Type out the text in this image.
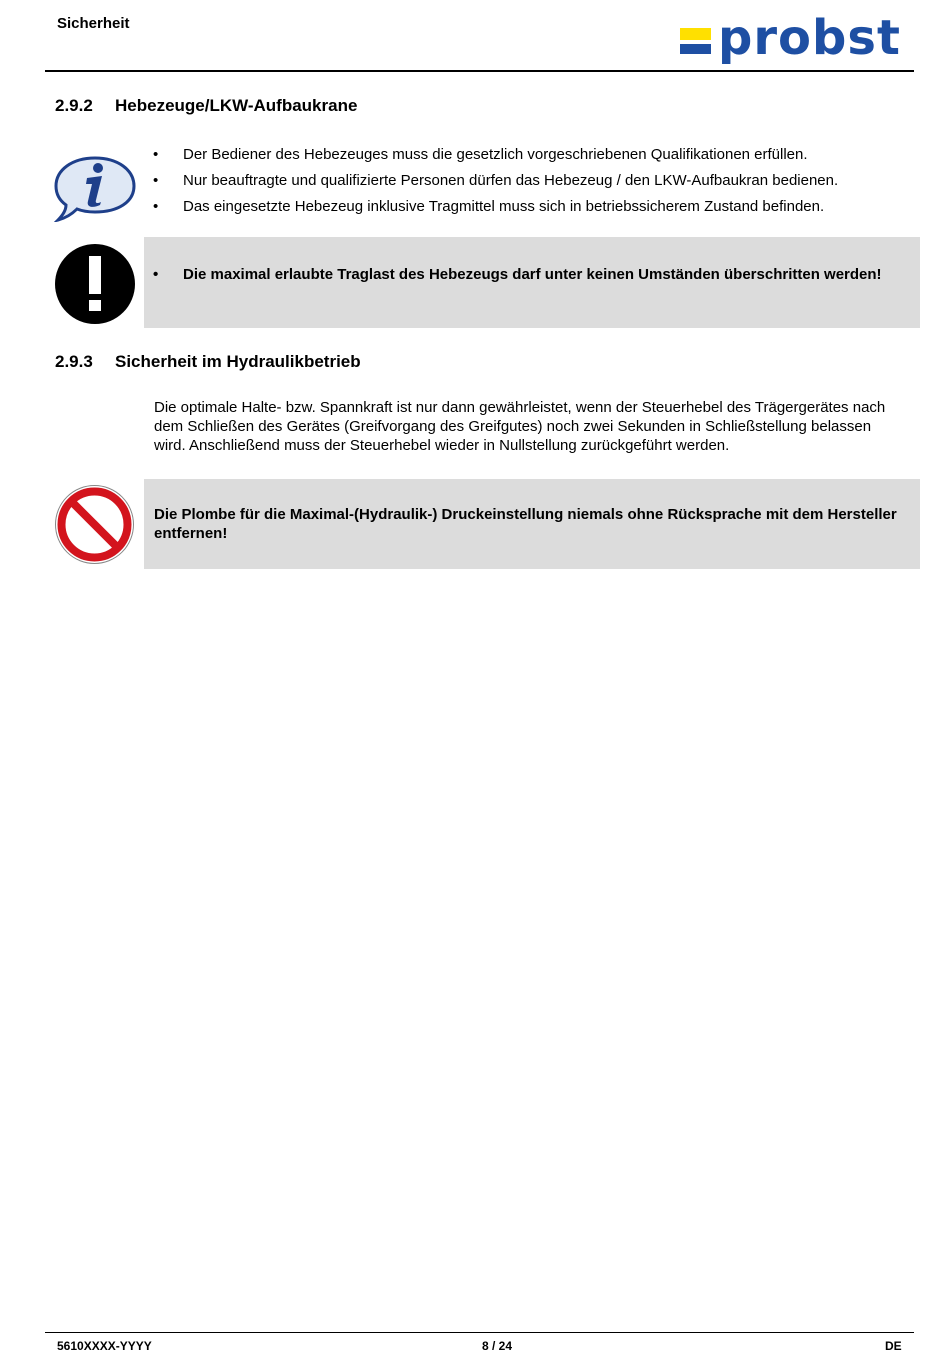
Sicherheit	probst
2.9.2 Hebezeuge/LKW-Aufbaukrane
• Der Bediener des Hebezeuges muss die gesetzlich vorgeschriebenen Qualifikationen erfüllen.
• Nur beauftragte und qualifizierte Personen dürfen das Hebezeug / den LKW-Aufbaukran bedienen.
• Das eingesetzte Hebezeug inklusive Tragmittel muss sich in betriebssicherem Zustand befinden.
•	Die maximal erlaubte Traglast des Hebezeugs darf unter keinen Umständen überschritten werden!
2.9.3 Sicherheit im Hydraulikbetrieb
Die optimale Halte- bzw. Spannkraft ist nur dann gewährleistet, wenn der Steuerhebel des Trägergerätes nach dem Schließen des Gerätes (Greifvorgang des Greifgutes) noch zwei Sekunden in Schließstellung belassen wird. Anschließend muss der Steuerhebel wieder in Nullstellung zurückgeführt werden.
Die Plombe für die Maximal-(Hydraulik-) Druckeinstellung niemals ohne Rücksprache mit dem Hersteller entfernen!
5610XXXX-YYYY	8 / 24	DE
